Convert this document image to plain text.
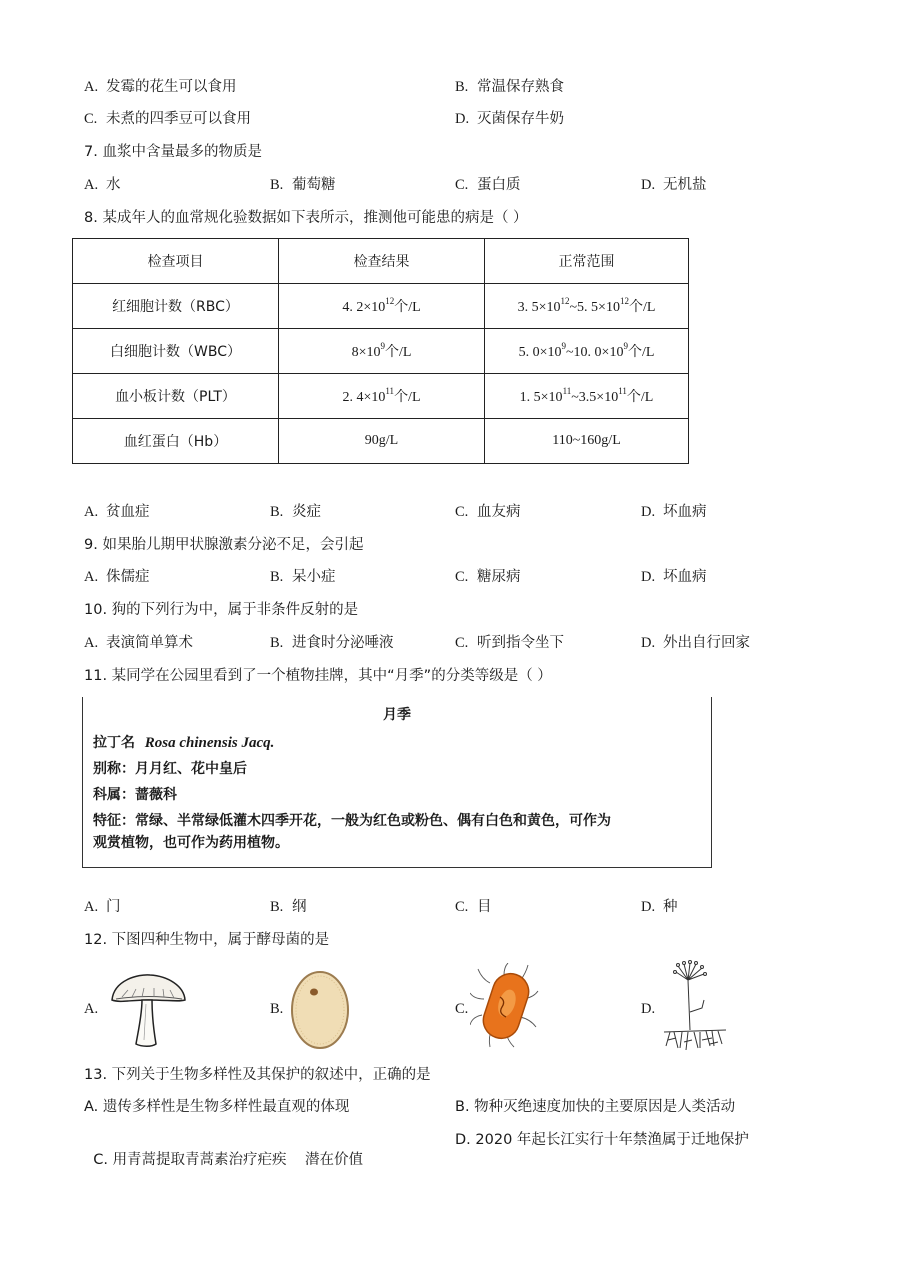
A. 发霉的花生可以食用	B. 常温保存熟食
C. 未煮的四季豆可以食用	D. 灭菌保存牛奶
7. 血浆中含量最多的物质是
A. 水	B. 葡萄糖	C. 蛋白质	D. 无机盐
8. 某成年人的血常规化验数据如下表所示，推测他可能患的病是（ ）
检查项目	检查结果	正常范围
红细胞计数（RBC）	4. $2\times 10^{12}$个/L	3. $5\times 10^{12}\sim 5$. $5\times 10^{12}$个/L
白细胞计数（WBC）	$8\times 10^9$个/L	5. $0\times 10^9\sim 10$. $0\times 10^9$个/L
血小板计数（PLT）	2. $4\times 10^{11}$个/L	1. $5\times 10^{11}\sim 3.5\times 10^{11}$个/L
血红蛋白（Hb）	90g/L	110~160g/L
A. 贫血症	B. 炎症	C. 血友病	D. 坏血病
9. 如果胎儿期甲状腺激素分泌不足，会引起
A. 侏儒症	B. 呆小症	C. 糖尿病	D. 坏血病
10. 狗的下列行为中，属于非条件反射的是
A. 表演简单算术	B. 进食时分泌唾液	C. 听到指令坐下	D. 外出自行回家
11. 某同学在公园里看到了一个植物挂牌，其中“月季”的分类等级是（ ）
月季
拉丁名 Rosa chinensis Jacq.
别称：月月红、花中皇后
科属：蔷薇科
特征：常绿、半常绿低灌木四季开花，一般为红色或粉色、偶有白色和黄色，可作为
观赏植物，也可作为药用植物。
A. 门	B. 纲	C. 目	D. 种
12. 下图四种生物中，属于酵母菌的是
A.	B.	C.	D.
13. 下列关于生物多样性及其保护的叙述中，正确的是
A. 遗传多样性是生物多样性最直观的体现	B. 物种灭绝速度加快的主要原因是人类活动

C. 用青蒿提取青蒿素治疗疟疾    潜在价值

D. 2020 年起长江实行十年禁渔属于迁地保护
